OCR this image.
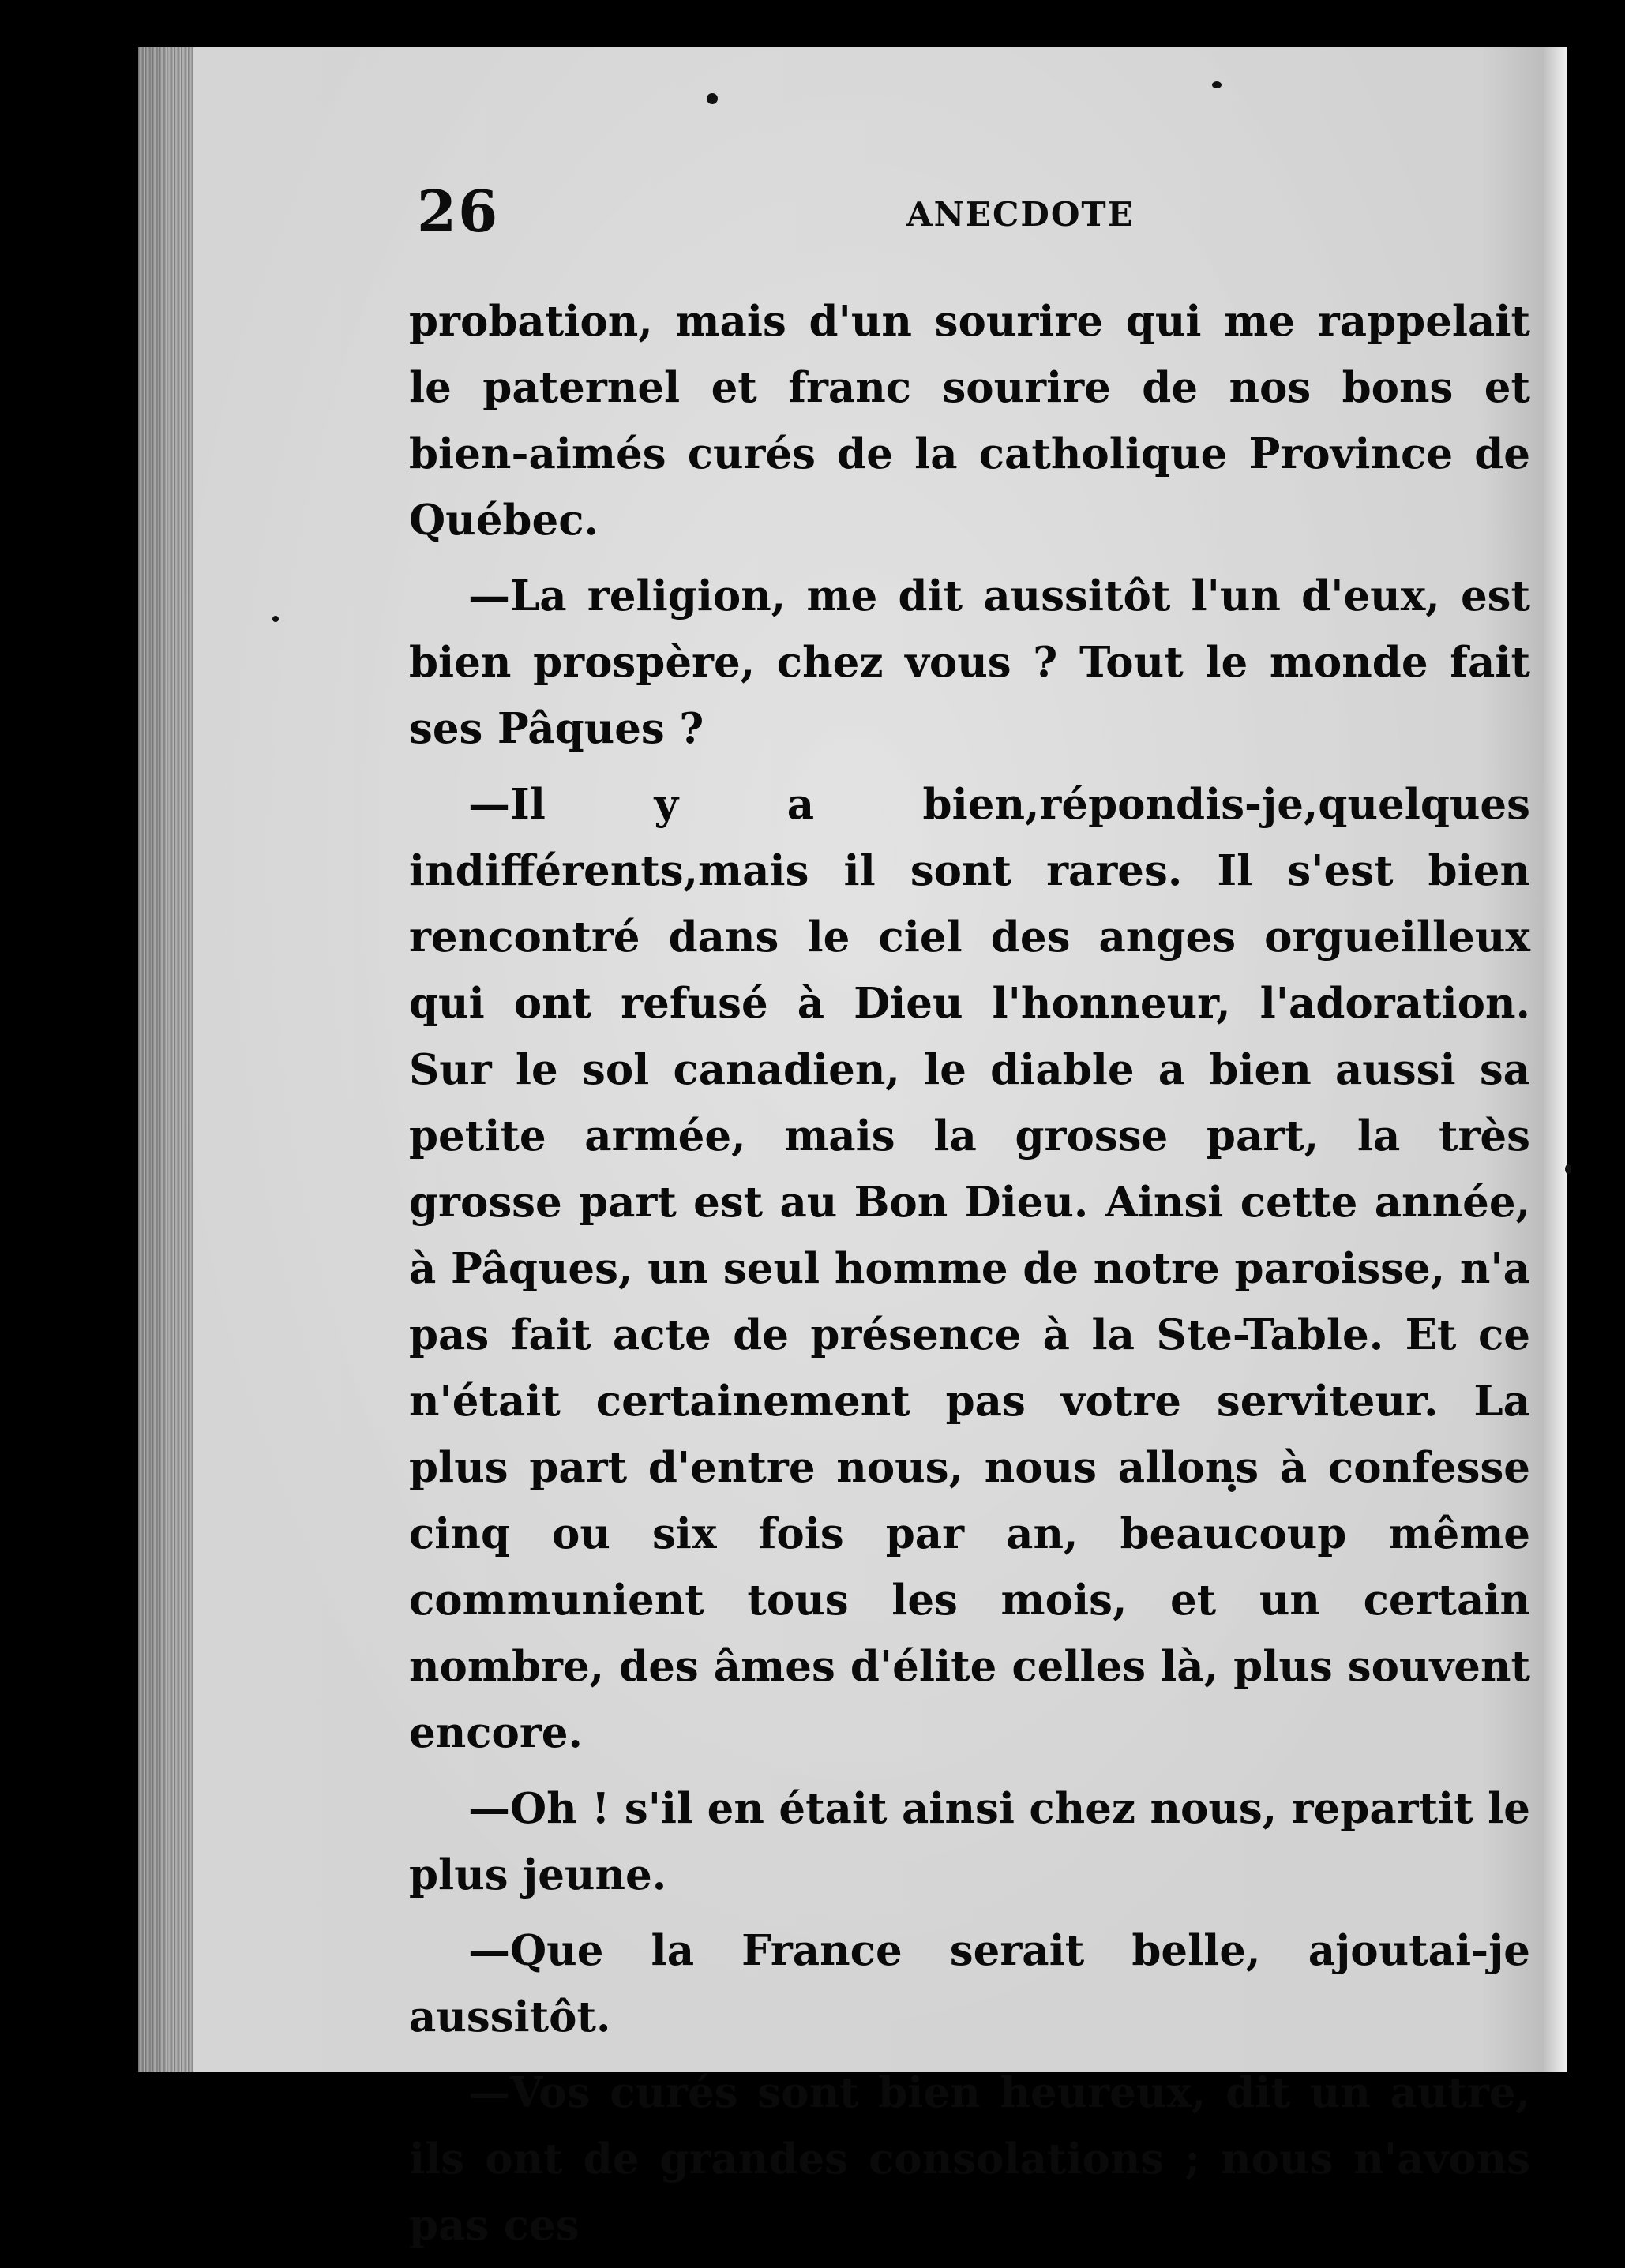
26	ANECDOTE

probation, mais d'un sourire qui me rappelait le paternel et franc sourire de nos bons et bien-aimés curés de la catholique Province de Québec.

—La religion, me dit aussitôt l'un d'eux, est bien prospère, chez vous ? Tout le monde fait ses Pâques ?

—Il y a bien,répondis-je,quelques indifférents,mais il sont rares. Il s'est bien rencontré dans le ciel des anges orgueilleux qui ont refusé à Dieu l'honneur, l'adoration. Sur le sol canadien, le diable a bien aussi sa petite armée, mais la grosse part, la très grosse part est au Bon Dieu. Ainsi cette année, à Pâques, un seul homme de notre paroisse, n'a pas fait acte de présence à la Ste-Table. Et ce n'était certainement pas votre serviteur. La plus part d'entre nous, nous allons à confesse cinq ou six fois par an, beaucoup même communient tous les mois, et un certain nombre, des âmes d'élite celles là, plus souvent encore.

—Oh ! s'il en était ainsi chez nous, repartit le plus jeune.

—Que la France serait belle, ajoutai-je aussitôt.

—Vos curés sont bien heureux, dit un autre, ils ont de grandes consolations ; nous n'avons pas ces
